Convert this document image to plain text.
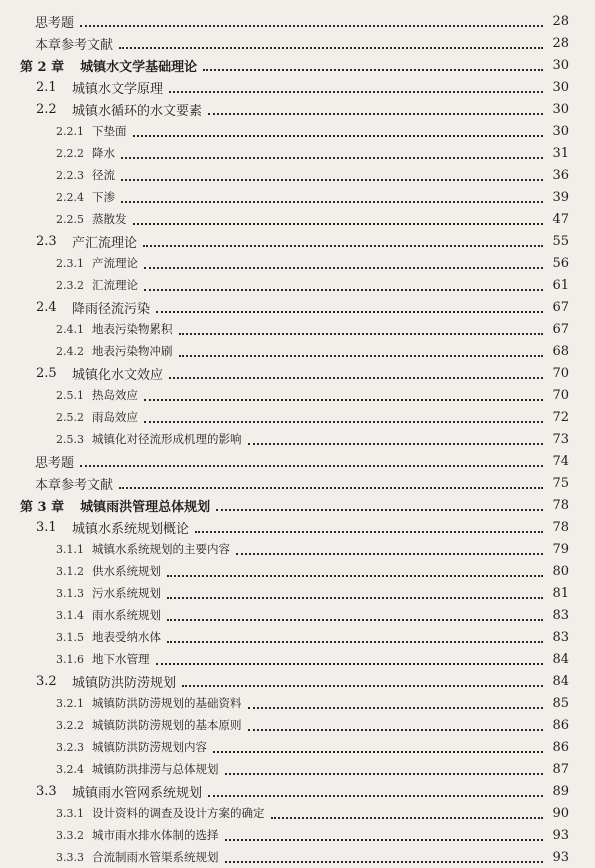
思考题	28
本章参考文献	28
第 2 章 城镇水文学基础理论	30
2.1	城镇水文学原理	30
2.2	城镇水循环的水文要素	30
2.2.1 下垫面	30
2.2.2 降水	31
2.2.3 径流	36
2.2.4 下渗	39
2.2.5 蒸散发	47
2.3	产汇流理论	55
2.3.1 产流理论	56
2.3.2 汇流理论	61
2.4	降雨径流污染	67
2.4.1 地表污染物累积	67
2.4.2 地表污染物冲刷	68
2.5	城镇化水文效应	70
2.5.1 热岛效应	70
2.5.2 雨岛效应	72
2.5.3 城镇化对径流形成机理的影响	73
思考题	74
本章参考文献	75
第 3 章 城镇雨洪管理总体规划	78
3.1	城镇水系统规划概论	78
3.1.1 城镇水系统规划的主要内容	79
3.1.2 供水系统规划	80
3.1.3 污水系统规划	81
3.1.4 雨水系统规划	83
3.1.5 地表受纳水体	83
3.1.6 地下水管理	84
3.2	城镇防洪防涝规划	84
3.2.1 城镇防洪防涝规划的基础资料	85
3.2.2 城镇防洪防涝规划的基本原则	86
3.2.3 城镇防洪防涝规划内容	86
3.2.4 城镇防洪排涝与总体规划	87
3.3	城镇雨水管网系统规划	89
3.3.1 设计资料的调查及设计方案的确定	90
3.3.2 城市雨水排水体制的选择	93
3.3.3 合流制雨水管渠系统规划	93
